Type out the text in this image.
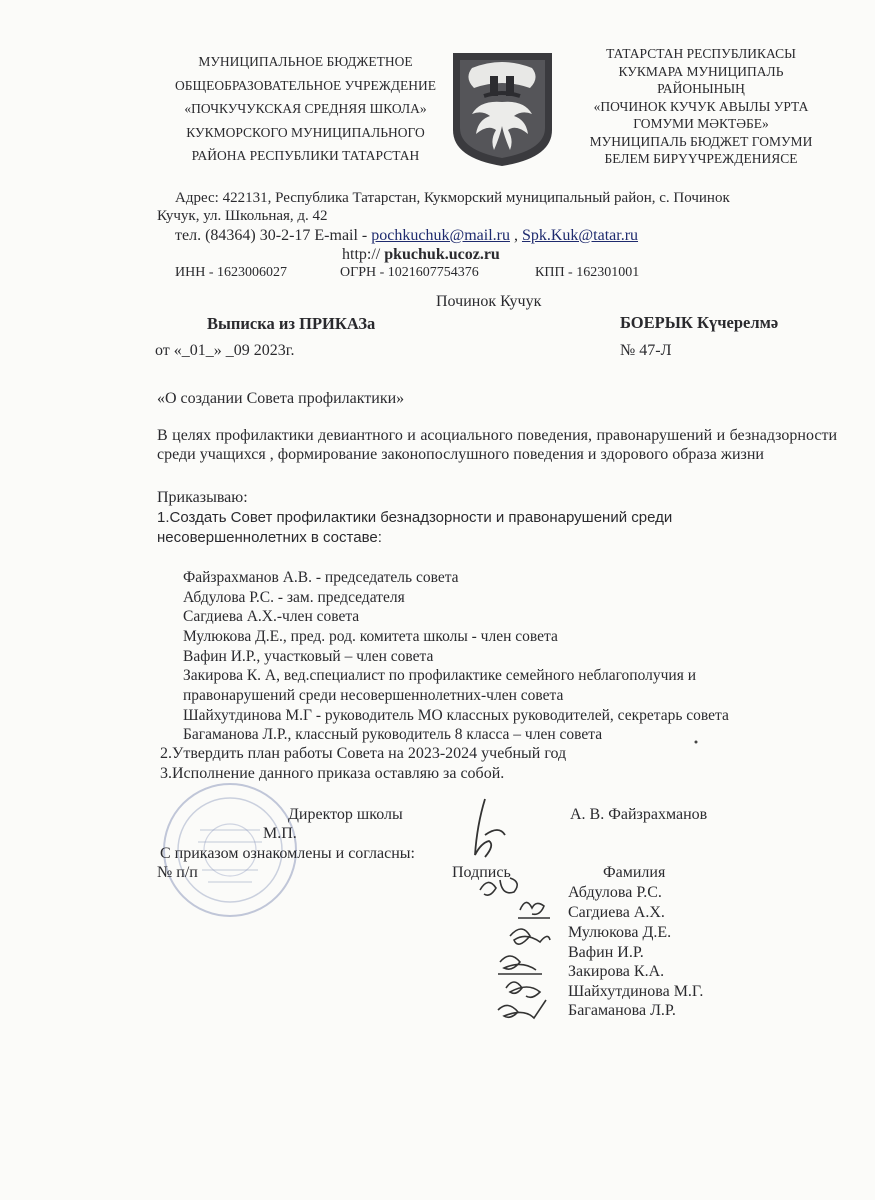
МУНИЦИПАЛЬНОЕ БЮДЖЕТНОЕ
ОБЩЕОБРАЗОВАТЕЛЬНОЕ УЧРЕЖДЕНИЕ
«ПОЧКУЧУКСКАЯ СРЕДНЯЯ ШКОЛА»
КУКМОРСКОГО МУНИЦИПАЛЬНОГО
РАЙОНА РЕСПУБЛИКИ ТАТАРСТАН
ТАТАРСТАН РЕСПУБЛИКАСЫ
КУКМАРА МУНИЦИПАЛЬ
РАЙОНЫНЫҢ
«ПОЧИНОК КУЧУК АВЫЛЫ УРТА
ГОМУМИ МӘКТӘБЕ»
МУНИЦИПАЛЬ БЮДЖЕТ ГОМУМИ
БЕЛЕМ БИРҮҮЧРЕЖДЕНИЯСЕ
Адрес: 422131, Республика Татарстан, Кукморский муниципальный район, с. Починок
Кучук, ул. Школьная, д. 42
тел. (84364) 30-2-17 E-mail - pochkuchuk@mail.ru , Spk.Kuk@tatar.ru
http:// pkuchuk.ucoz.ru
ИНН - 1623006027	ОГРН - 1021607754376	КПП - 162301001
Починок Кучук
Выписка из ПРИКАЗа	БОЕРЫК Күчерелмә
от «_01_» _09 2023г.	№ 47-Л
«О создании Совета профилактики»
В целях профилактики девиантного и асоциального поведения, правонарушений и безнадзорности среди учащихся , формирование законопослушного поведения и здорового образа жизни
Приказываю:
1.Создать Совет профилактики безнадзорности и правонарушений среди
несовершеннолетних в составе:
Файзрахманов А.В. - председатель совета
Абдулова Р.С. - зам. председателя
Сагдиева А.Х.-член совета
Мулюкова Д.Е., пред. род. комитета школы - член совета
Вафин И.Р., участковый – член совета
Закирова К. А, вед.специалист по профилактике семейного неблагополучия и
правонарушений среди несовершеннолетних-член совета
Шайхутдинова М.Г - руководитель МО классных руководителей, секретарь совета
Багаманова Л.Р., классный руководитель 8 класса – член совета
2.Утвердить план работы Совета на 2023-2024 учебный год
3.Исполнение данного приказа оставляю за собой.
Директор школы
М.П.
А. В. Файзрахманов
С приказом ознакомлены и согласны:
№ п/п	Подпись	Фамилия
Абдулова Р.С.
Сагдиева А.Х.
Мулюкова Д.Е.
Вафин И.Р.
Закирова К.А.
Шайхутдинова М.Г.
Багаманова Л.Р.
